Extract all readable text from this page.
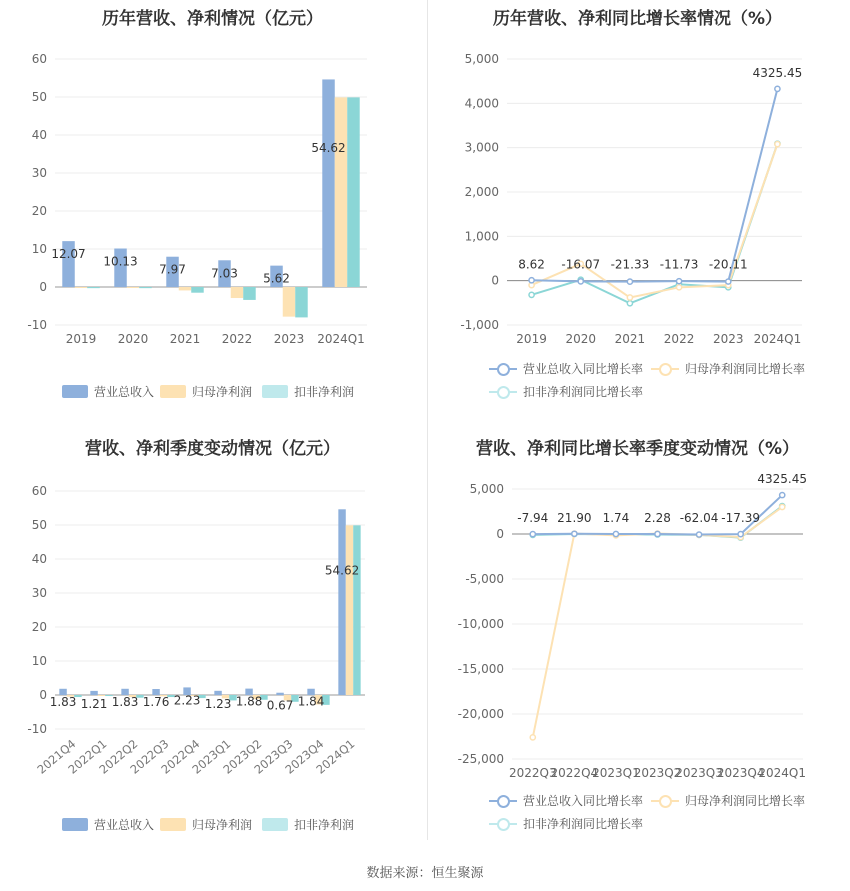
历年营收、净利情况（亿元）
-10
0
10
20
30
40
50
60
2019
12.07
2020
10.13
2021
7.97
2022
7.03
2023
5.62
2024Q1
54.62
营业总收入	归母净利润	扣非净利润
历年营收、净利同比增长率情况（%）
-1,000
0
1,000
2,000
3,000
4,000
5,000
2019 2020 2021 2022 2023 2024Q1
8.62 -16.07 -21.33 -11.73 -20.11
4325.45
营业总收入同比增长率	归母净利润同比增长率
扣非净利润同比增长率
营收、净利季度变动情况（亿元）
-10
0
10
20
30
40
50
60
2021Q4
1.83
2022Q1
1.21
2022Q2
1.83
2022Q3
1.76
2022Q4
2.23
2023Q1
1.23
2023Q2
1.88
2023Q3
0.67
2023Q4
1.84
2024Q1
54.62
营业总收入	归母净利润	扣非净利润
营收、净利同比增长率季度变动情况（%）
-25,000
-20,000
-15,000
-10,000
-5,000
0
5,000
2022Q3
2022Q4
2023Q1
2023Q2
2023Q3
2023Q4
2024Q1
-7.94 21.90 1.74 2.28 -62.04 -17.39
4325.45
营业总收入同比增长率	归母净利润同比增长率
扣非净利润同比增长率
数据来源：恒生聚源
